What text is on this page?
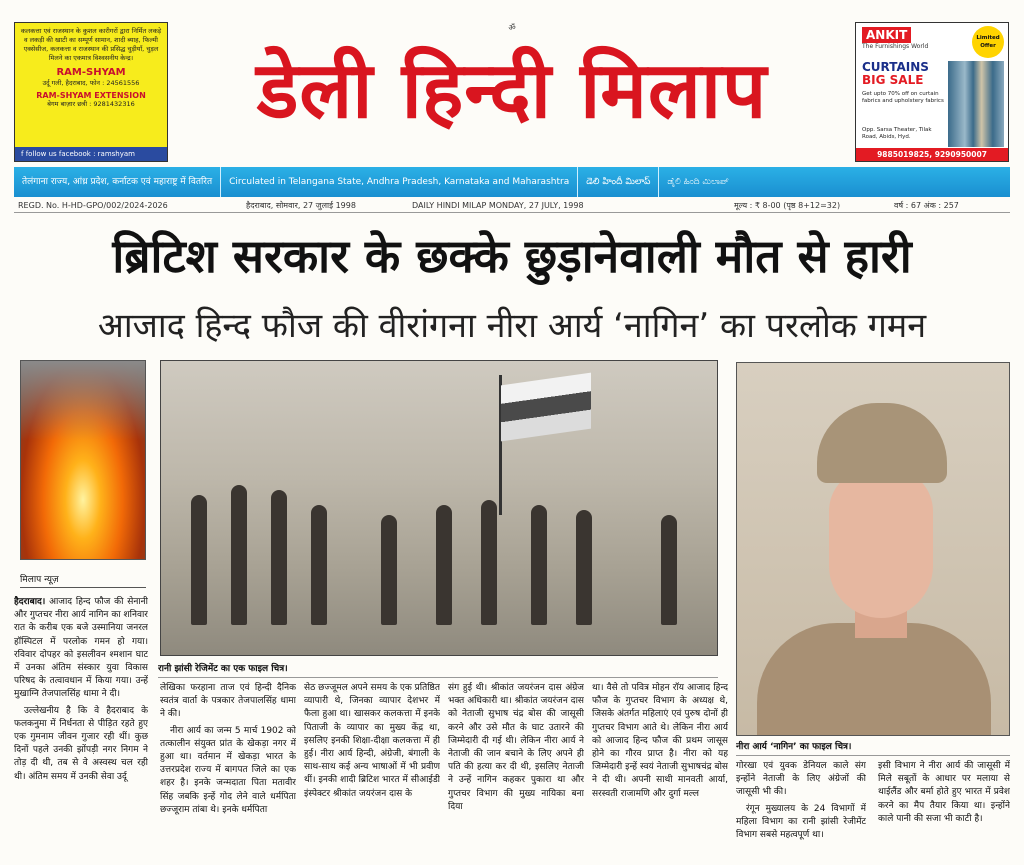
कलकत्ता एवं राजस्थान के कुशल कारीगरों द्वारा निर्मित लकड़े व लकड़ी की खाटी का सम्पूर्ण सामान, शादी ब्याह, फिल्मी एक्सेसीज, कलकत्ता व राजस्थान की प्रसिद्ध चुड़ीयाँ, चुड़ल मिलने का एकमात्र विश्वसनीय केन्द्र।
RAM-SHYAM
उर्दू गली, हैदराबाद, फोन : 24561556
RAM-SHYAM EXTENSION
बेगम बाज़ार छत्री : 9281432316
f follow us facebook : ramshyam
ॐ
डेली हिन्दी मिलाप
ANKIT
The Furnishings World
Limited Offer
CURTAINS
BIG SALE
Get upto 70% off on curtain fabrics and upholstery fabrics
Opp. Sarsa Theater, Tilak Road, Abids, Hyd.
9885019825, 9290950007
तेलंगाना राज्य, आंध्र प्रदेश, कर्नाटक एवं महाराष्ट्र में वितरित	Circulated in Telangana State, Andhra Pradesh, Karnataka and Maharashtra	డెలి హిందీ మిలాప్	ಡೈಲಿ ಹಿಂದಿ ಮಿಲಾಪ್
REGD. No. H-HD-GPO/002/2024-2026	हैदराबाद, सोमवार, 27 जुलाई 1998	DAILY HINDI MILAP MONDAY, 27 JULY, 1998	मूल्य : ₹ 8-00 (पृष्ठ 8+12=32)	वर्ष : 67 अंक : 257
ब्रिटिश सरकार के छक्के छुड़ानेवाली मौत से हारी
आजाद हिन्द फौज की वीरांगना नीरा आर्य ‘नागिन’ का परलोक गमन
मिलाप न्यूज़
रानी झांसी रेजिमेंट का एक फाइल चित्र।
नीरा आर्य ‘नागिन’ का फाइल चित्र।

हैदराबाद। आजाद हिन्द फौज की सेनानी और गुप्तचर नीरा आर्य नागिन का शनिवार रात के करीब एक बजे उस्मानिया जनरल हॉस्पिटल में परलोक गमन हो गया। रविवार दोपहर को इसलीवन श्मशान घाट में उनका अंतिम संस्कार युवा विकास परिषद के तत्वावधान में किया गया। उन्हें मुखाग्नि तेजपालसिंह धामा ने दी।

उल्लेखनीय है कि वे हैदराबाद के फलकनुमा में निर्धनता से पीड़ित रहते हुए एक गुमनाम जीवन गुजार रही थीं। कुछ दिनों पहले उनकी झोंपड़ी नगर निगम ने तोड़ दी थी, तब से वे अस्वस्थ चल रही थी। अंतिम समय में उनकी सेवा उर्दू

लेखिका फरहाना ताज एवं हिन्दी दैनिक स्वतंत्र वार्ता के पत्रकार तेजपालसिंह धामा ने की।

नीरा आर्य का जन्म 5 मार्च 1902 को तत्कालीन संयुक्त प्रांत के खेकड़ा नगर में हुआ था। वर्तमान में खेकड़ा भारत के उत्तरप्रदेश राज्य में बागपत जिले का एक शहर है। इनके जन्मदाता पिता मतावीर सिंह जबकि इन्हें गोद लेने वाले धर्मपिता छज्जूराम तांबा थे। इनके धर्मपिता

सेठ छज्जूमल अपने समय के एक प्रतिष्ठित व्यापारी थे, जिनका व्यापार देशभर में फैला हुआ था। खासकर कलकत्ता में इनके पिताजी के व्यापार का मुख्य केंद्र था, इसलिए इनकी शिक्षा-दीक्षा कलकत्ता में ही हुई। नीरा आर्य हिन्दी, अंग्रेजी, बंगाली के साथ-साथ कई अन्य भाषाओं में भी प्रवीण थीं। इनकी शादी ब्रिटिश भारत में सीआईडी इंस्पेक्टर श्रीकांत जयरंजन दास के

संग हुई थी। श्रीकांत जयरंजन दास अंग्रेज भक्त अधिकारी था। श्रीकांत जयरंजन दास को नेताजी सुभाष चंद्र बोस की जासूसी करने और उसे मौत के घाट उतारने की जिम्मेदारी दी गई थी। लेकिन नीरा आर्य ने नेताजी की जान बचाने के लिए अपने ही पति की हत्या कर दी थी, इसलिए नेताजी ने उन्हें नागिन कहकर पुकारा था और गुप्तचर विभाग की मुख्य नायिका बना दिया

था। वैसे तो पवित्र मोहन रॉय आजाद हिन्द फौज के गुप्तचर विभाग के अध्यक्ष थे, जिसके अंतर्गत महिलाएं एवं पुरुष दोनों ही गुप्तचर विभाग आते थे। लेकिन नीरा आर्य को आजाद हिन्द फौज की प्रथम जासूस होने का गौरव प्राप्त है। नीरा को यह जिम्मेदारी इन्हें स्वयं नेताजी सुभाषचंद्र बोस ने दी थी। अपनी साथी मानवती आर्या, सरस्वती राजामणि और दुर्गा मल्ल

गोरखा एवं युवक डेनियल काले संग इन्होंने नेताजी के लिए अंग्रेजों की जासूसी भी की।

रंगून मुख्यालय के 24 विभागों में महिला विभाग का रानी झांसी रेजीमेंट विभाग सबसे महत्वपूर्ण था।

इसी विभाग ने नीरा आर्य की जासूसी में मिले सबूतों के आधार पर मलाया से थाईलैंड और बर्मा होते हुए भारत में प्रवेश करने का मैप तैयार किया था। इन्होंने काले पानी की सजा भी काटी है।
